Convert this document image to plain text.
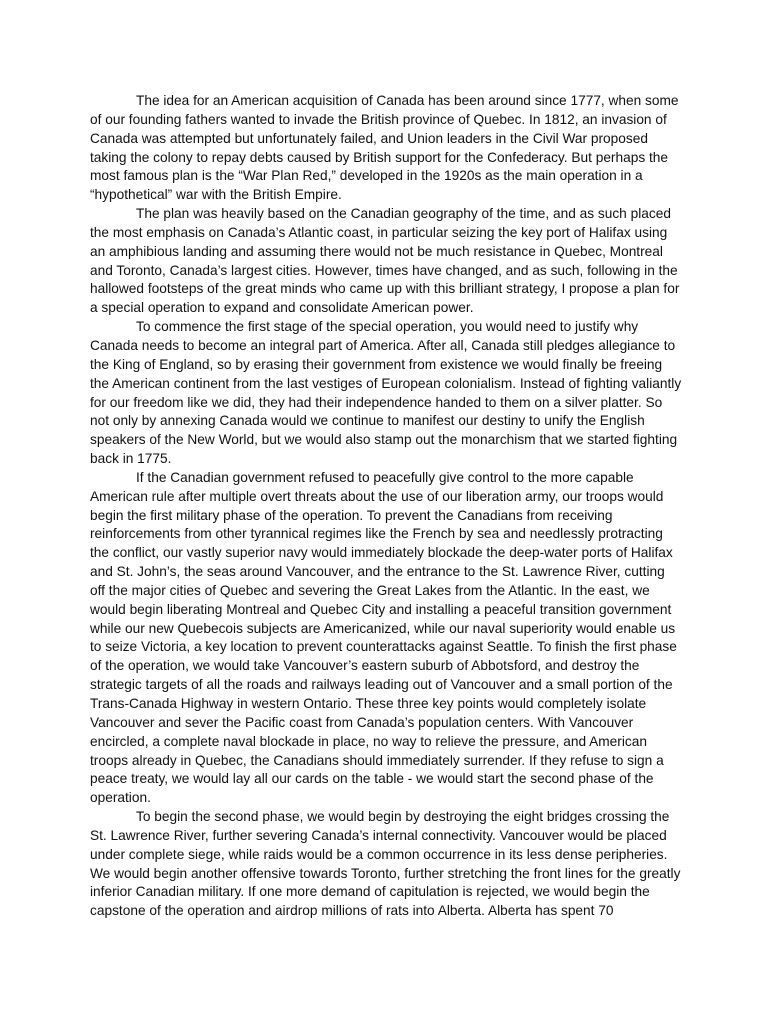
The idea for an American acquisition of Canada has been around since 1777, when some of our founding fathers wanted to invade the British province of Quebec. In 1812, an invasion of Canada was attempted but unfortunately failed, and Union leaders in the Civil War proposed taking the colony to repay debts caused by British support for the Confederacy. But perhaps the most famous plan is the “War Plan Red,” developed in the 1920s as the main operation in a “hypothetical” war with the British Empire.

The plan was heavily based on the Canadian geography of the time, and as such placed the most emphasis on Canada’s Atlantic coast, in particular seizing the key port of Halifax using an amphibious landing and assuming there would not be much resistance in Quebec, Montreal and Toronto, Canada’s largest cities. However, times have changed, and as such, following in the hallowed footsteps of the great minds who came up with this brilliant strategy, I propose a plan for a special operation to expand and consolidate American power.

To commence the first stage of the special operation, you would need to justify why Canada needs to become an integral part of America. After all, Canada still pledges allegiance to the King of England, so by erasing their government from existence we would finally be freeing the American continent from the last vestiges of European colonialism. Instead of fighting valiantly for our freedom like we did, they had their independence handed to them on a silver platter. So not only by annexing Canada would we continue to manifest our destiny to unify the English speakers of the New World, but we would also stamp out the monarchism that we started fighting back in 1775.

If the Canadian government refused to peacefully give control to the more capable American rule after multiple overt threats about the use of our liberation army, our troops would begin the first military phase of the operation. To prevent the Canadians from receiving reinforcements from other tyrannical regimes like the French by sea and needlessly protracting the conflict, our vastly superior navy would immediately blockade the deep-water ports of Halifax and St. John’s, the seas around Vancouver, and the entrance to the St. Lawrence River, cutting off the major cities of Quebec and severing the Great Lakes from the Atlantic. In the east, we would begin liberating Montreal and Quebec City and installing a peaceful transition government while our new Quebecois subjects are Americanized, while our naval superiority would enable us to seize Victoria, a key location to prevent counterattacks against Seattle. To finish the first phase of the operation, we would take Vancouver’s eastern suburb of Abbotsford, and destroy the strategic targets of all the roads and railways leading out of Vancouver and a small portion of the Trans-Canada Highway in western Ontario. These three key points would completely isolate Vancouver and sever the Pacific coast from Canada’s population centers. With Vancouver encircled, a complete naval blockade in place, no way to relieve the pressure, and American troops already in Quebec, the Canadians should immediately surrender. If they refuse to sign a peace treaty, we would lay all our cards on the table - we would start the second phase of the operation.

To begin the second phase, we would begin by destroying the eight bridges crossing the St. Lawrence River, further severing Canada’s internal connectivity. Vancouver would be placed under complete siege, while raids would be a common occurrence in its less dense peripheries. We would begin another offensive towards Toronto, further stretching the front lines for the greatly inferior Canadian military. If one more demand of capitulation is rejected, we would begin the capstone of the operation and airdrop millions of rats into Alberta. Alberta has spent 70
